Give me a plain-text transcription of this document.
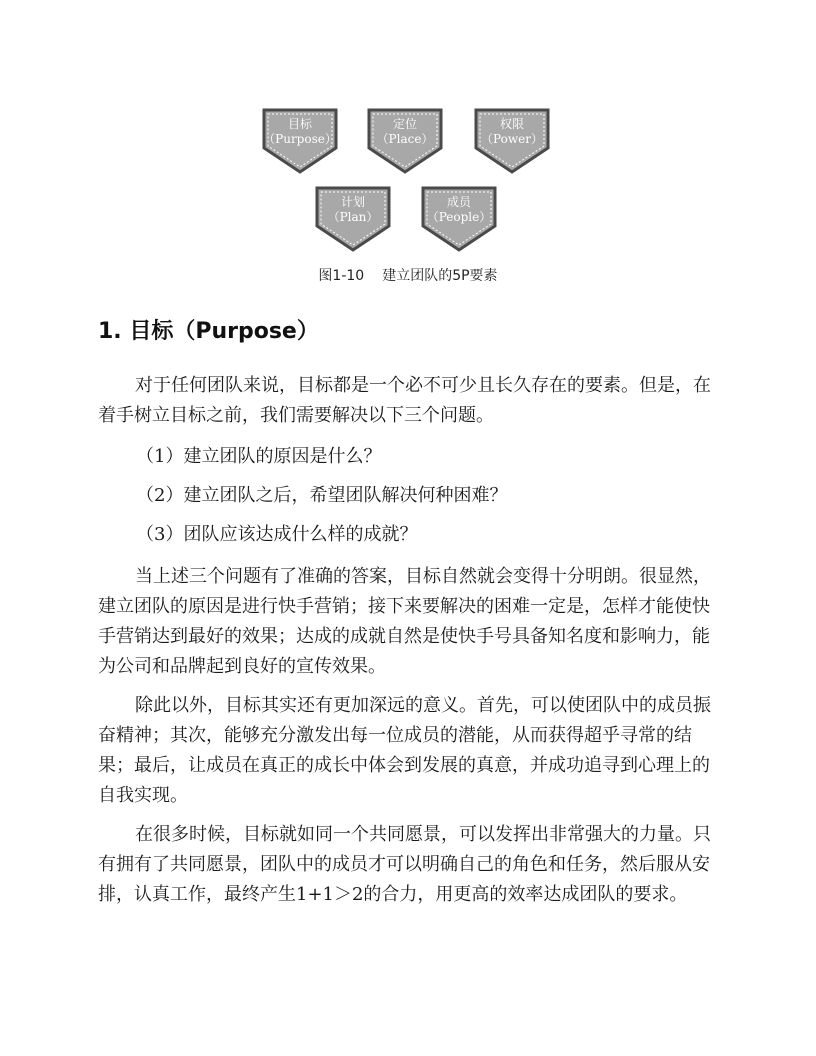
目标
（Purpose）
定位
（Place）
权限
（Power）
计划
（Plan）
成员
（People）
图1-10 建立团队的5P要素
1. 目标（Purpose）

对于任何团队来说，目标都是一个必不可少且长久存在的要素。但是，在着手树立目标之前，我们需要解决以下三个问题。

（1）建立团队的原因是什么？

（2）建立团队之后，希望团队解决何种困难？

（3）团队应该达成什么样的成就？

当上述三个问题有了准确的答案，目标自然就会变得十分明朗。很显然，建立团队的原因是进行快手营销；接下来要解决的困难一定是，怎样才能使快手营销达到最好的效果；达成的成就自然是使快手号具备知名度和影响力，能为公司和品牌起到良好的宣传效果。

除此以外，目标其实还有更加深远的意义。首先，可以使团队中的成员振奋精神；其次，能够充分激发出每一位成员的潜能，从而获得超乎寻常的结果；最后，让成员在真正的成长中体会到发展的真意，并成功追寻到心理上的自我实现。

在很多时候，目标就如同一个共同愿景，可以发挥出非常强大的力量。只有拥有了共同愿景，团队中的成员才可以明确自己的角色和任务，然后服从安排，认真工作，最终产生1+1＞2的合力，用更高的效率达成团队的要求。
